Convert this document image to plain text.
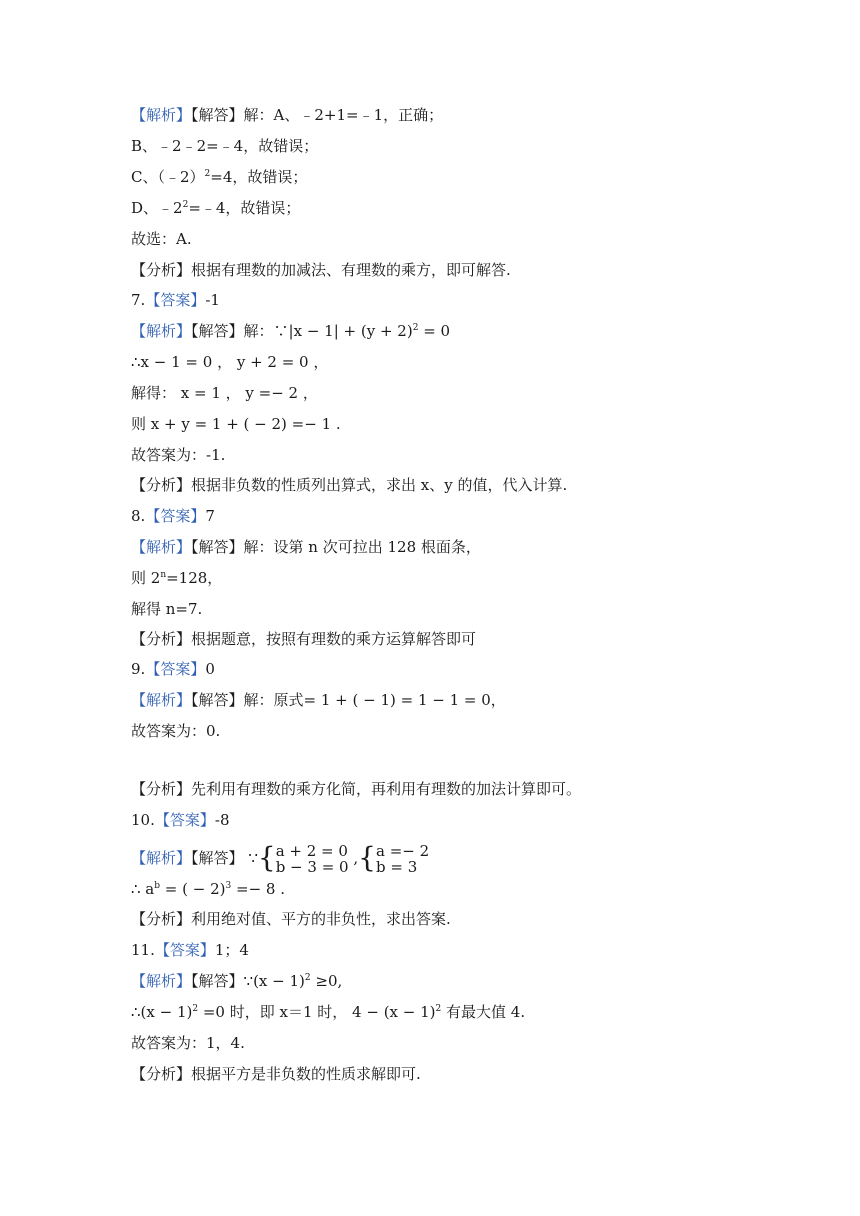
【解析】【解答】解：A、﹣2+1=﹣1，正确；
B、﹣2﹣2=﹣4，故错误；
C、（﹣2）$^2$=4，故错误；
D、$﹣2^2=﹣4$，故错误；
故选：A.
【分析】根据有理数的加减法、有理数的乘方，即可解答.
7.【答案】-1
【解析】【解答】解：∵|x − $1| + (y + 2)^2 = 0$
∴x − 1 = 0 ， y + 2 = 0 ，
解得： x = 1 ， y =− 2 ，
则 x + y = 1 + ( − 2) =− 1 .
故答案为：-1.
【分析】根据非负数的性质列出算式，求出 x、y 的值，代入计算.
8.【答案】7
【解析】【解答】解：设第 n 次可拉出 128 根面条，
则 $2^n=128$，
解得 n=7.
【分析】根据题意，按照有理数的乘方运算解答即可
9.【答案】0
【解析】【解答】解：原式= 1 + ( − 1) = 1 − 1 = 0，
故答案为：0.
【分析】先利用有理数的乘方化简，再利用有理数的加法计算即可。
10.【答案】-8
【解析】【解答】 ∵{a + 2 = 0
b − 3 = 0 ,{a =− 2
b = 3
∴ $a^b$ = ( − 2)$^3$ =− 8 .
【分析】利用绝对值、平方的非负性，求出答案.
11.【答案】1；4
【解析】【解答】∵(x − 1)$^2$ ≥0,
∴(x − 1)$^2$ =0 时，即 x＝1 时， $4 - (x - 1)^2$ 有最大值 4.
故答案为：1，4.
【分析】根据平方是非负数的性质求解即可.
